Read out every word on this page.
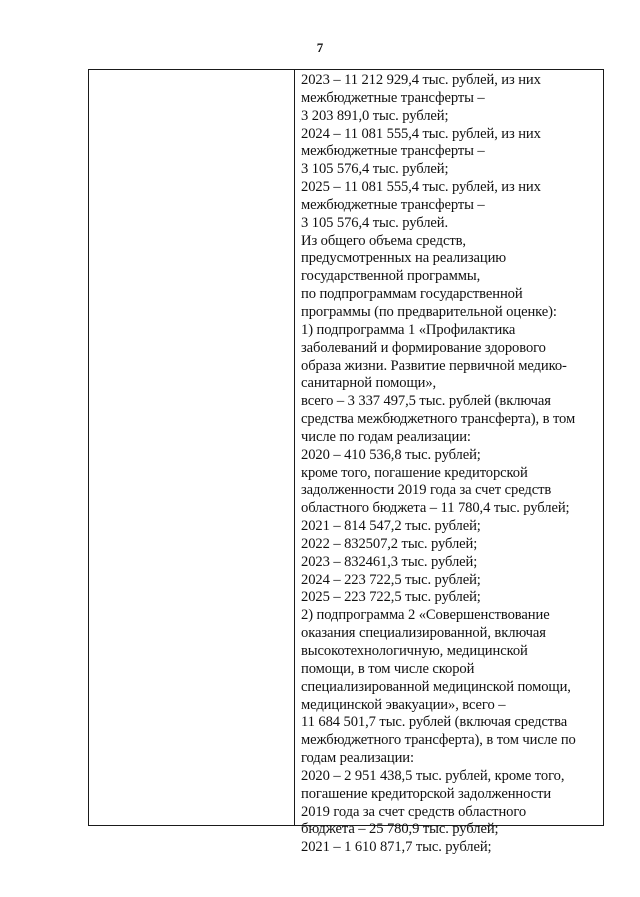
7
2023 – 11 212 929,4 тыс. рублей, из них
межбюджетные трансферты –
3 203 891,0 тыс. рублей;
2024 – 11 081 555,4 тыс. рублей, из них
межбюджетные трансферты –
3 105 576,4 тыс. рублей;
2025 – 11 081 555,4 тыс. рублей, из них
межбюджетные трансферты –
3 105 576,4 тыс. рублей.
Из общего объема средств,
предусмотренных на реализацию
государственной программы,
по подпрограммам государственной
программы (по предварительной оценке):
1) подпрограмма 1 «Профилактика
заболеваний и формирование здорового
образа жизни. Развитие первичной медико-
санитарной помощи»,
всего – 3 337 497,5 тыс. рублей (включая
средства межбюджетного трансферта), в том
числе по годам реализации:
2020 – 410 536,8 тыс. рублей;
кроме того, погашение кредиторской
задолженности 2019 года за счет средств
областного бюджета – 11 780,4 тыс. рублей;
2021 – 814 547,2 тыс. рублей;
2022 – 832507,2 тыс. рублей;
2023 – 832461,3 тыс. рублей;
2024 – 223 722,5 тыс. рублей;
2025 – 223 722,5 тыс. рублей;
2) подпрограмма 2 «Совершенствование
оказания специализированной, включая
высокотехнологичную, медицинской
помощи, в том числе скорой
специализированной медицинской помощи,
медицинской эвакуации», всего –
11 684 501,7 тыс. рублей (включая средства
межбюджетного трансферта), в том числе по
годам реализации:
2020 – 2 951 438,5 тыс. рублей, кроме того,
погашение кредиторской задолженности
2019 года за счет средств областного
бюджета – 25 780,9 тыс. рублей;
2021 – 1 610 871,7 тыс. рублей;
